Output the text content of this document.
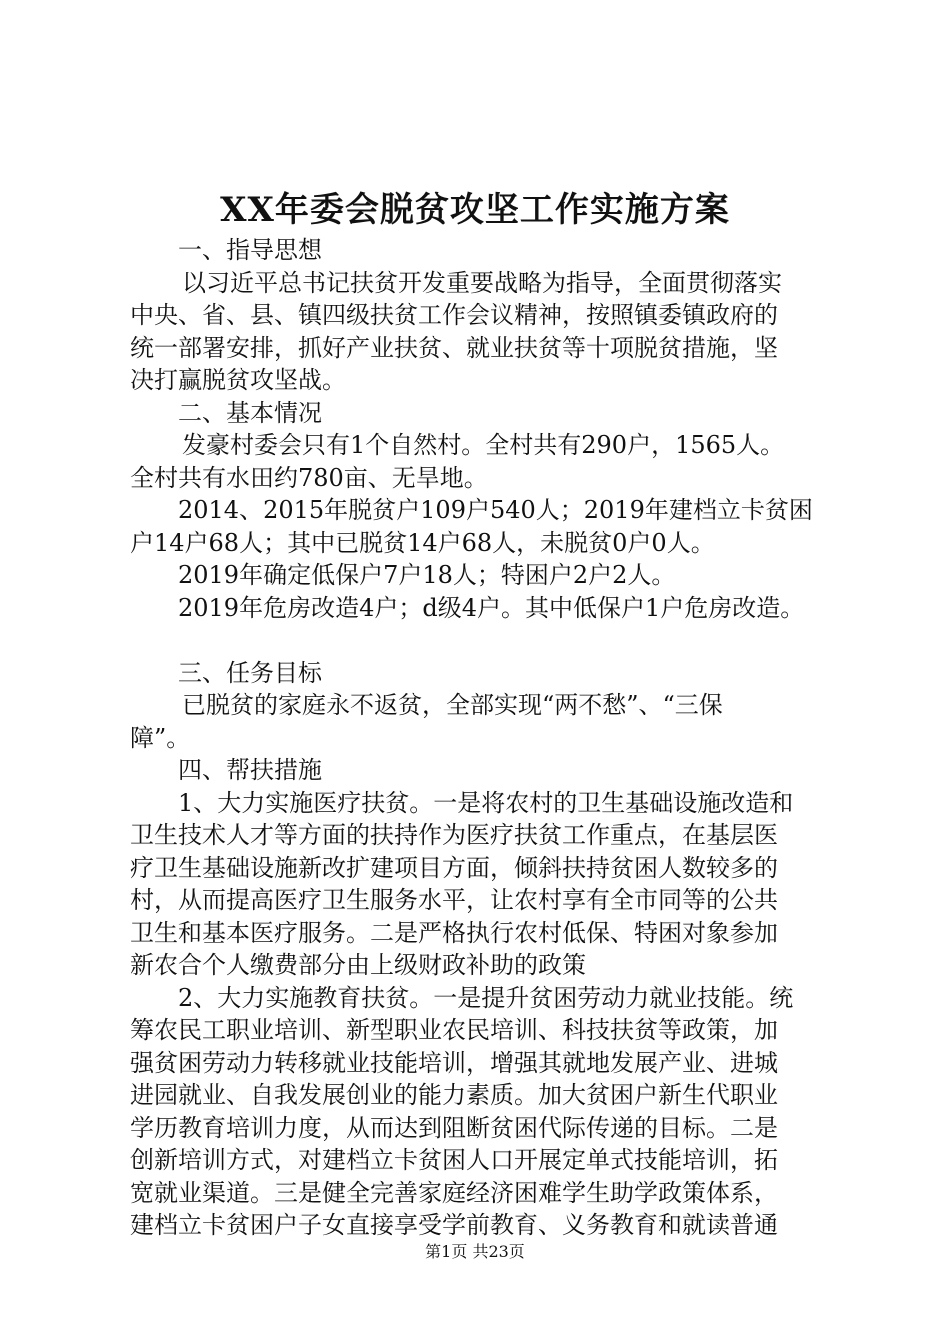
XX年委会脱贫攻坚工作实施方案
一、指导思想
以习近平总书记扶贫开发重要战略为指导，全面贯彻落实
中央、省、县、镇四级扶贫工作会议精神，按照镇委镇政府的
统一部署安排，抓好产业扶贫、就业扶贫等十项脱贫措施，坚
决打赢脱贫攻坚战。
二、基本情况
发豪村委会只有1个自然村。全村共有290户，1565人。
全村共有水田约780亩、无旱地。
2014、2015年脱贫户109户540人；2019年建档立卡贫困
户14户68人；其中已脱贫14户68人，未脱贫0户0人。
2019年确定低保户7户18人；特困户2户2人。
2019年危房改造4户；d级4户。其中低保户1户危房改造。
三、任务目标
已脱贫的家庭永不返贫，全部实现“两不愁”、“三保
障”。
四、帮扶措施
1、大力实施医疗扶贫。一是将农村的卫生基础设施改造和
卫生技术人才等方面的扶持作为医疗扶贫工作重点，在基层医
疗卫生基础设施新改扩建项目方面，倾斜扶持贫困人数较多的
村，从而提高医疗卫生服务水平，让农村享有全市同等的公共
卫生和基本医疗服务。二是严格执行农村低保、特困对象参加
新农合个人缴费部分由上级财政补助的政策
2、大力实施教育扶贫。一是提升贫困劳动力就业技能。统
筹农民工职业培训、新型职业农民培训、科技扶贫等政策，加
强贫困劳动力转移就业技能培训，增强其就地发展产业、进城
进园就业、自我发展创业的能力素质。加大贫困户新生代职业
学历教育培训力度，从而达到阻断贫困代际传递的目标。二是
创新培训方式，对建档立卡贫困人口开展定单式技能培训，拓
宽就业渠道。三是健全完善家庭经济困难学生助学政策体系，
建档立卡贫困户子女直接享受学前教育、义务教育和就读普通
第1页 共23页
